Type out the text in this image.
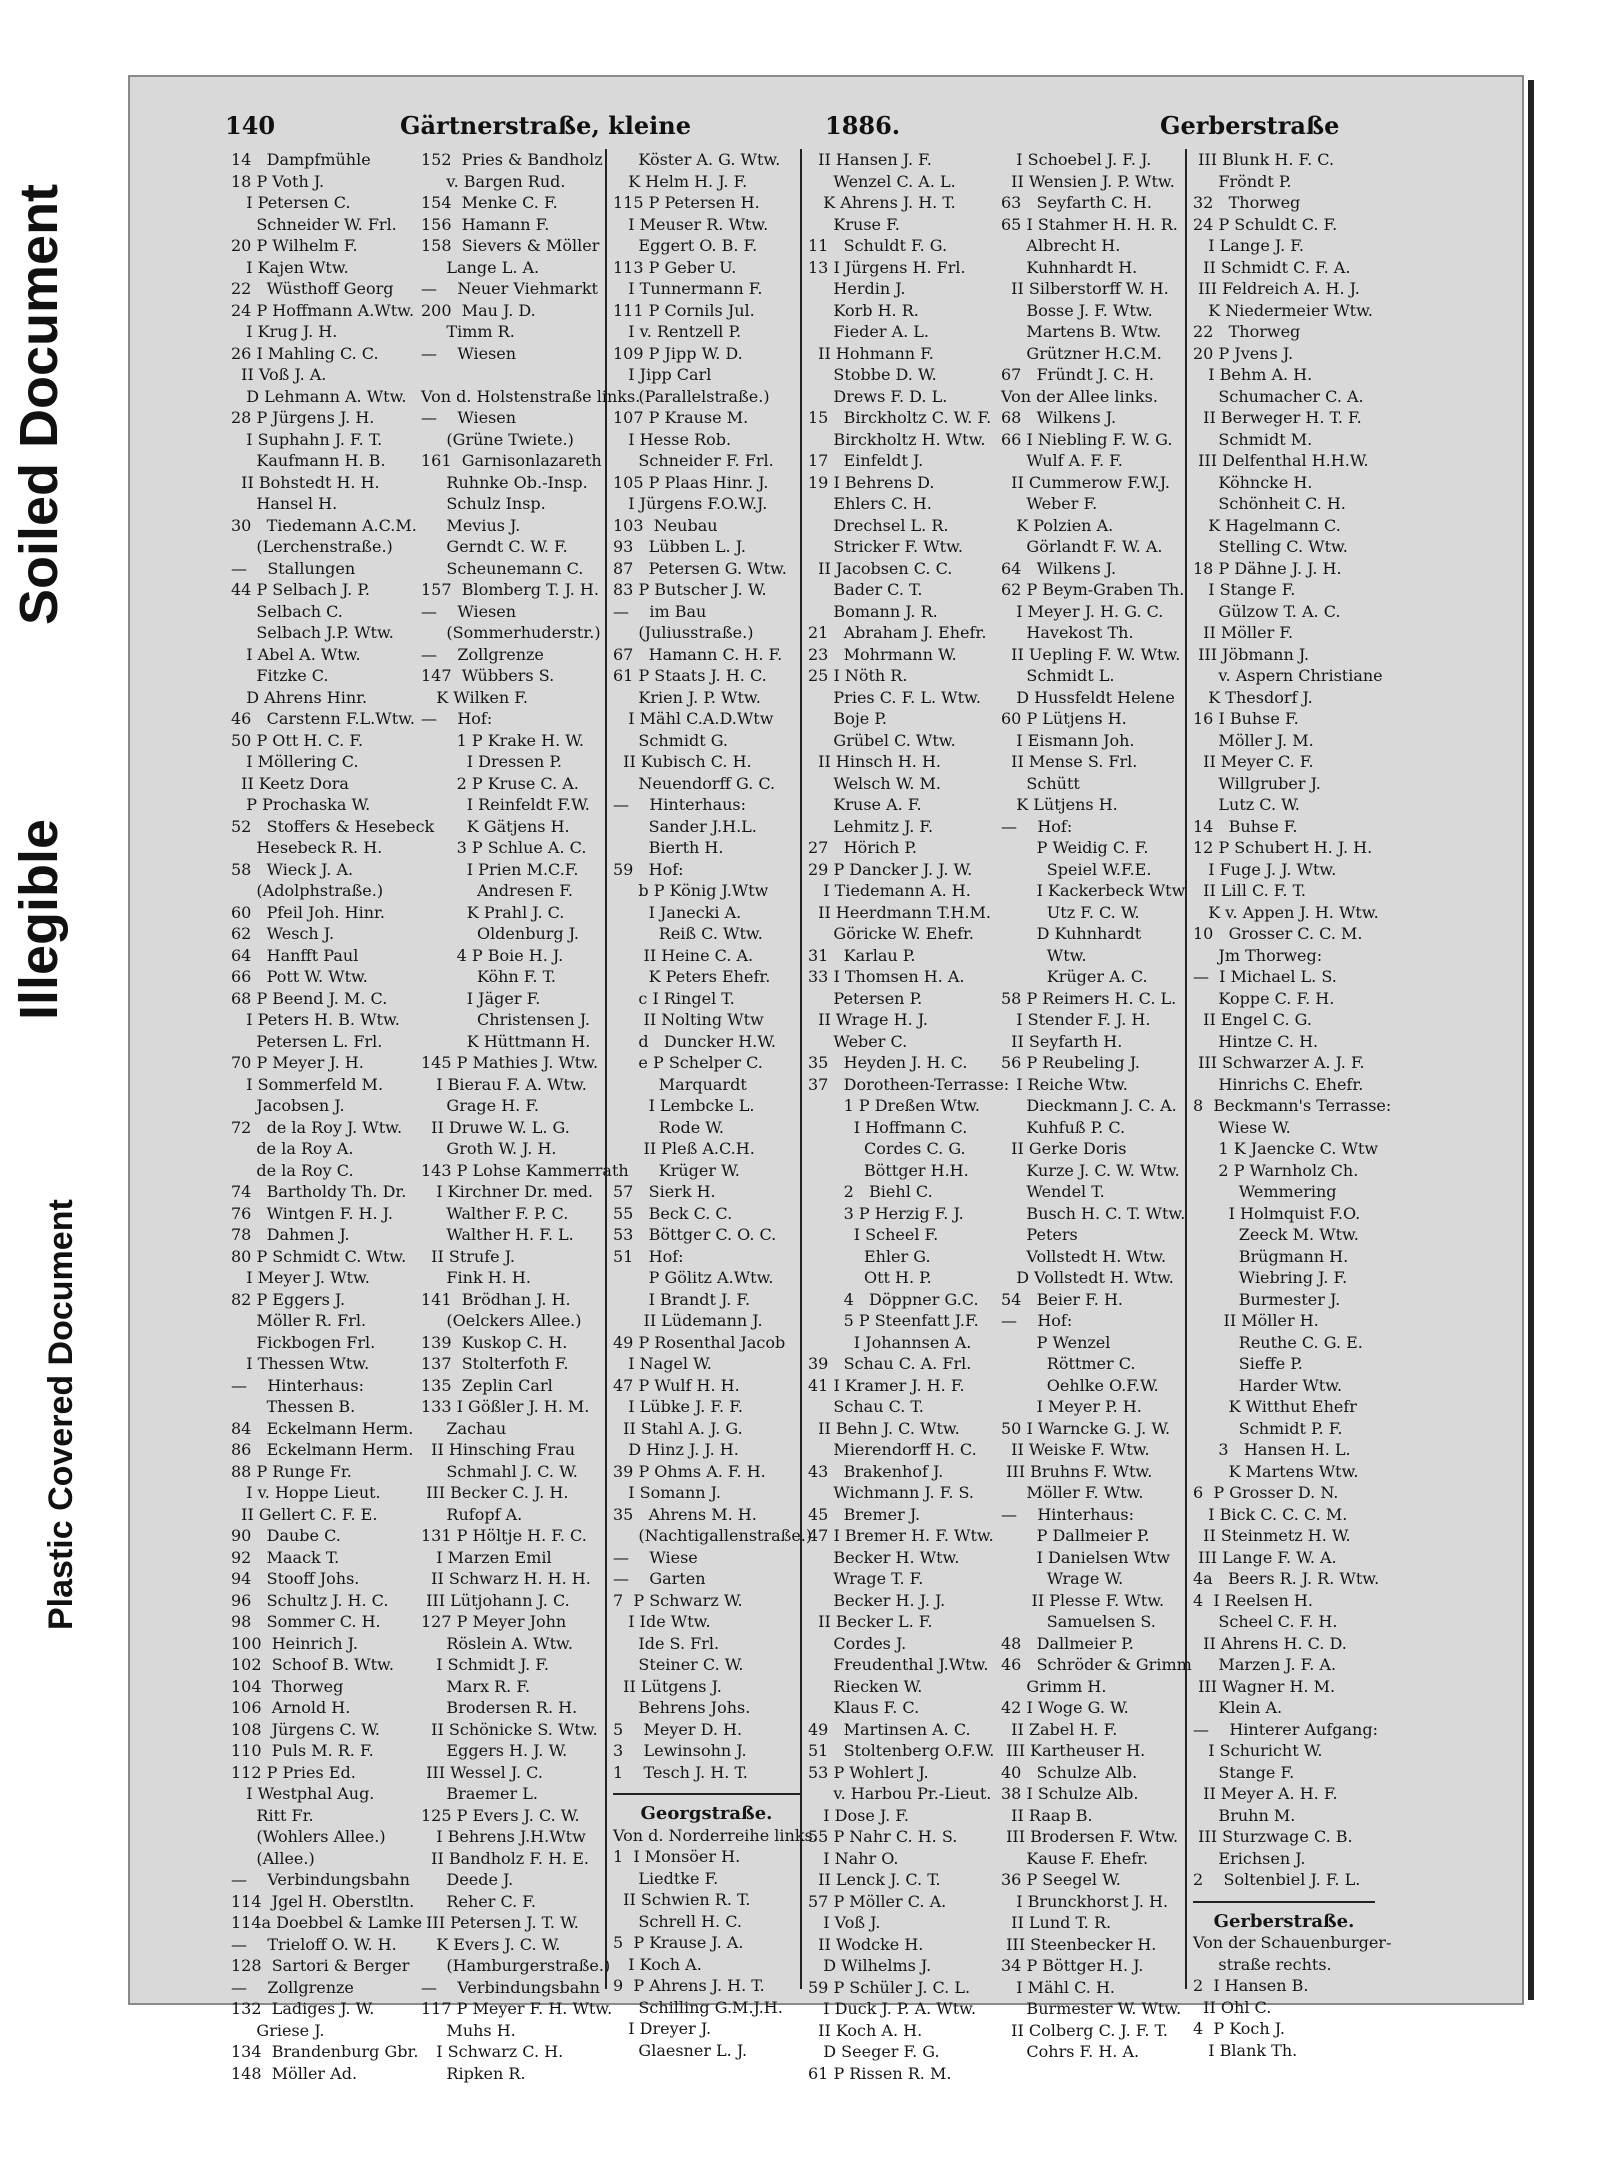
Soiled Document
Illegible
Plastic Covered Document
140	Gärtnerstraße, kleine	1886.	Gerberstraße
14   Dampfmühle
18 P Voth J.
I Petersen C.
Schneider W. Frl.
20 P Wilhelm F.
I Kajen Wtw.
22   Wüsthoff Georg
24 P Hoffmann A.Wtw.
I Krug J. H.
26 I Mahling C. C.
II Voß J. A.
D Lehmann A. Wtw.
28 P Jürgens J. H.
I Suphahn J. F. T.
Kaufmann H. B.
II Bohstedt H. H.
Hansel H.
30   Tiedemann A.C.M.
(Lerchenstraße.)
—    Stallungen
44 P Selbach J. P.
Selbach C.
Selbach J.P. Wtw.
I Abel A. Wtw.
Fitzke C.
D Ahrens Hinr.
46   Carstenn F.L.Wtw.
50 P Ott H. C. F.
I Möllering C.
II Keetz Dora
P Prochaska W.
52   Stoffers & Hesebeck
Hesebeck R. H.
58   Wieck J. A.
(Adolphstraße.)
60   Pfeil Joh. Hinr.
62   Wesch J.
64   Hanfft Paul
66   Pott W. Wtw.
68 P Beend J. M. C.
I Peters H. B. Wtw.
Petersen L. Frl.
70 P Meyer J. H.
I Sommerfeld M.
Jacobsen J.
72   de la Roy J. Wtw.
de la Roy A.
de la Roy C.
74   Bartholdy Th. Dr.
76   Wintgen F. H. J.
78   Dahmen J.
80 P Schmidt C. Wtw.
I Meyer J. Wtw.
82 P Eggers J.
Möller R. Frl.
Fickbogen Frl.
I Thessen Wtw.
—    Hinterhaus:
Thessen B.
84   Eckelmann Herm.
86   Eckelmann Herm.
88 P Runge Fr.
I v. Hoppe Lieut.
II Gellert C. F. E.
90   Daube C.
92   Maack T.
94   Stooff Johs.
96   Schultz J. H. C.
98   Sommer C. H.
100  Heinrich J.
102  Schoof B. Wtw.
104  Thorweg
106  Arnold H.
108  Jürgens C. W.
110  Puls M. R. F.
112 P Pries Ed.
I Westphal Aug.
Ritt Fr.
(Wohlers Allee.)
(Allee.)
—    Verbindungsbahn
114  Jgel H. Oberstltn.
114a Doebbel & Lamke
—    Trieloff O. W. H.
128  Sartori & Berger
—    Zollgrenze
132  Ladiges J. W.
Griese J.
134  Brandenburg Gbr.
148  Möller Ad.
152  Pries & Bandholz
v. Bargen Rud.
154  Menke C. F.
156  Hamann F.
158  Sievers & Möller
Lange L. A.
—    Neuer Viehmarkt
200  Mau J. D.
Timm R.
—    Wiesen
Von d. Holstenstraße links.
—    Wiesen
(Grüne Twiete.)
161  Garnisonlazareth
Ruhnke Ob.-Insp.
Schulz Insp.
Mevius J.
Gerndt C. W. F.
Scheunemann C.
157  Blomberg T. J. H.
—    Wiesen
(Sommerhuderstr.)
—    Zollgrenze
147  Wübbers S.
K Wilken F.
—    Hof:
1 P Krake H. W.
I Dressen P.
2 P Kruse C. A.
I Reinfeldt F.W.
K Gätjens H.
3 P Schlue A. C.
I Prien M.C.F.
Andresen F.
K Prahl J. C.
Oldenburg J.
4 P Boie H. J.
Köhn F. T.
I Jäger F.
Christensen J.
K Hüttmann H.
145 P Mathies J. Wtw.
I Bierau F. A. Wtw.
Grage H. F.
II Druwe W. L. G.
Groth W. J. H.
143 P Lohse Kammerrath
I Kirchner Dr. med.
Walther F. P. C.
Walther H. F. L.
II Strufe J.
Fink H. H.
141  Brödhan J. H.
(Oelckers Allee.)
139  Kuskop C. H.
137  Stolterfoth F.
135  Zeplin Carl
133 I Gößler J. H. M.
Zachau
II Hinsching Frau
Schmahl J. C. W.
III Becker C. J. H.
Rufopf A.
131 P Höltje H. F. C.
I Marzen Emil
II Schwarz H. H. H.
III Lütjohann J. C.
127 P Meyer John
Röslein A. Wtw.
I Schmidt J. F.
Marx R. F.
Brodersen R. H.
II Schönicke S. Wtw.
Eggers H. J. W.
III Wessel J. C.
Braemer L.
125 P Evers J. C. W.
I Behrens J.H.Wtw
II Bandholz F. H. E.
Deede J.
Reher C. F.
III Petersen J. T. W.
K Evers J. C. W.
(Hamburgerstraße.)
—    Verbindungsbahn
117 P Meyer F. H. Wtw.
Muhs H.
I Schwarz C. H.
Ripken R.
Köster A. G. Wtw.
K Helm H. J. F.
115 P Petersen H.
I Meuser R. Wtw.
Eggert O. B. F.
113 P Geber U.
I Tunnermann F.
111 P Cornils Jul.
I v. Rentzell P.
109 P Jipp W. D.
I Jipp Carl
(Parallelstraße.)
107 P Krause M.
I Hesse Rob.
Schneider F. Frl.
105 P Plaas Hinr. J.
I Jürgens F.O.W.J.
103  Neubau
93   Lübben L. J.
87   Petersen G. Wtw.
83 P Butscher J. W.
—    im Bau
(Juliusstraße.)
67   Hamann C. H. F.
61 P Staats J. H. C.
Krien J. P. Wtw.
I Mähl C.A.D.Wtw
Schmidt G.
II Kubisch C. H.
Neuendorff G. C.
—    Hinterhaus:
Sander J.H.L.
Bierth H.
59   Hof:
b P König J.Wtw
I Janecki A.
Reiß C. Wtw.
II Heine C. A.
K Peters Ehefr.
c I Ringel T.
II Nolting Wtw
d   Duncker H.W.
e P Schelper C.
Marquardt
I Lembcke L.
Rode W.
II Pleß A.C.H.
Krüger W.
57   Sierk H.
55   Beck C. C.
53   Böttger C. O. C.
51   Hof:
P Gölitz A.Wtw.
I Brandt J. F.
II Lüdemann J.
49 P Rosenthal Jacob
I Nagel W.
47 P Wulf H. H.
I Lübke J. F. F.
II Stahl A. J. G.
D Hinz J. J. H.
39 P Ohms A. F. H.
I Somann J.
35   Ahrens M. H.
(Nachtigallenstraße.)
—    Wiese
—    Garten
7  P Schwarz W.
I Ide Wtw.
Ide S. Frl.
Steiner C. W.
II Lütgens J.
Behrens Johs.
5    Meyer D. H.
3    Lewinsohn J.
1    Tesch J. H. T.
Georgstraße.
Von d. Norderreihe links.
1  I Monsöer H.
Liedtke F.
II Schwien R. T.
Schrell H. C.
5  P Krause J. A.
I Koch A.
9  P Ahrens J. H. T.
Schilling G.M.J.H.
I Dreyer J.
Glaesner L. J.
II Hansen J. F.
Wenzel C. A. L.
K Ahrens J. H. T.
Kruse F.
11   Schuldt F. G.
13 I Jürgens H. Frl.
Herdin J.
Korb H. R.
Fieder A. L.
II Hohmann F.
Stobbe D. W.
Drews F. D. L.
15   Birckholtz C. W. F.
Birckholtz H. Wtw.
17   Einfeldt J.
19 I Behrens D.
Ehlers C. H.
Drechsel L. R.
Stricker F. Wtw.
II Jacobsen C. C.
Bader C. T.
Bomann J. R.
21   Abraham J. Ehefr.
23   Mohrmann W.
25 I Nöth R.
Pries C. F. L. Wtw.
Boje P.
Grübel C. Wtw.
II Hinsch H. H.
Welsch W. M.
Kruse A. F.
Lehmitz J. F.
27   Hörich P.
29 P Dancker J. J. W.
I Tiedemann A. H.
II Heerdmann T.H.M.
Göricke W. Ehefr.
31   Karlau P.
33 I Thomsen H. A.
Petersen P.
II Wrage H. J.
Weber C.
35   Heyden J. H. C.
37   Dorotheen-Terrasse:
1 P Dreßen Wtw.
I Hoffmann C.
Cordes C. G.
Böttger H.H.
2   Biehl C.
3 P Herzig F. J.
I Scheel F.
Ehler G.
Ott H. P.
4   Döppner G.C.
5 P Steenfatt J.F.
I Johannsen A.
39   Schau C. A. Frl.
41 I Kramer J. H. F.
Schau C. T.
II Behn J. C. Wtw.
Mierendorff H. C.
43   Brakenhof J.
Wichmann J. F. S.
45   Bremer J.
47 I Bremer H. F. Wtw.
Becker H. Wtw.
Wrage T. F.
Becker H. J. J.
II Becker L. F.
Cordes J.
Freudenthal J.Wtw.
Riecken W.
Klaus F. C.
49   Martinsen A. C.
51   Stoltenberg O.F.W.
53 P Wohlert J.
v. Harbou Pr.-Lieut.
I Dose J. F.
55 P Nahr C. H. S.
I Nahr O.
II Lenck J. C. T.
57 P Möller C. A.
I Voß J.
II Wodcke H.
D Wilhelms J.
59 P Schüler J. C. L.
I Duck J. P. A. Wtw.
II Koch A. H.
D Seeger F. G.
61 P Rissen R. M.
I Schoebel J. F. J.
II Wensien J. P. Wtw.
63   Seyfarth C. H.
65 I Stahmer H. H. R.
Albrecht H.
Kuhnhardt H.
II Silberstorff W. H.
Bosse J. F. Wtw.
Martens B. Wtw.
Grützner H.C.M.
67   Fründt J. C. H.
Von der Allee links.
68   Wilkens J.
66 I Niebling F. W. G.
Wulf A. F. F.
II Cummerow F.W.J.
Weber F.
K Polzien A.
Görlandt F. W. A.
64   Wilkens J.
62 P Beym-Graben Th.
I Meyer J. H. G. C.
Havekost Th.
II Uepling F. W. Wtw.
Schmidt L.
D Hussfeldt Helene
60 P Lütjens H.
I Eismann Joh.
II Mense S. Frl.
Schütt
K Lütjens H.
—    Hof:
P Weidig C. F.
Speiel W.F.E.
I Kackerbeck Wtw
Utz F. C. W.
D Kuhnhardt
Wtw.
Krüger A. C.
58 P Reimers H. C. L.
I Stender F. J. H.
II Seyfarth H.
56 P Reubeling J.
I Reiche Wtw.
Dieckmann J. C. A.
Kuhfuß P. C.
II Gerke Doris
Kurze J. C. W. Wtw.
Wendel T.
Busch H. C. T. Wtw.
Peters
Vollstedt H. Wtw.
D Vollstedt H. Wtw.
54   Beier F. H.
—    Hof:
P Wenzel
Röttmer C.
Oehlke O.F.W.
I Meyer P. H.
50 I Warncke G. J. W.
II Weiske F. Wtw.
III Bruhns F. Wtw.
Möller F. Wtw.
—    Hinterhaus:
P Dallmeier P.
I Danielsen Wtw
Wrage W.
II Plesse F. Wtw.
Samuelsen S.
48   Dallmeier P.
46   Schröder & Grimm
Grimm H.
42 I Woge G. W.
II Zabel H. F.
III Kartheuser H.
40   Schulze Alb.
38 I Schulze Alb.
II Raap B.
III Brodersen F. Wtw.
Kause F. Ehefr.
36 P Seegel W.
I Brunckhorst J. H.
II Lund T. R.
III Steenbecker H.
34 P Böttger H. J.
I Mähl C. H.
Burmester W. Wtw.
II Colberg C. J. F. T.
Cohrs F. H. A.
III Blunk H. F. C.
Fröndt P.
32   Thorweg
24 P Schuldt C. F.
I Lange J. F.
II Schmidt C. F. A.
III Feldreich A. H. J.
K Niedermeier Wtw.
22   Thorweg
20 P Jvens J.
I Behm A. H.
Schumacher C. A.
II Berweger H. T. F.
Schmidt M.
III Delfenthal H.H.W.
Köhncke H.
Schönheit C. H.
K Hagelmann C.
Stelling C. Wtw.
18 P Dähne J. J. H.
I Stange F.
Gülzow T. A. C.
II Möller F.
III Jöbmann J.
v. Aspern Christiane
K Thesdorf J.
16 I Buhse F.
Möller J. M.
II Meyer C. F.
Willgruber J.
Lutz C. W.
14   Buhse F.
12 P Schubert H. J. H.
I Fuge J. J. Wtw.
II Lill C. F. T.
K v. Appen J. H. Wtw.
10   Grosser C. C. M.
Jm Thorweg:
—  I Michael L. S.
Koppe C. F. H.
II Engel C. G.
Hintze C. H.
III Schwarzer A. J. F.
Hinrichs C. Ehefr.
8  Beckmann's Terrasse:
Wiese W.
1 K Jaencke C. Wtw
2 P Warnholz Ch.
Wemmering
I Holmquist F.O.
Zeeck M. Wtw.
Brügmann H.
Wiebring J. F.
Burmester J.
II Möller H.
Reuthe C. G. E.
Sieffe P.
Harder Wtw.
K Witthut Ehefr
Schmidt P. F.
3   Hansen H. L.
K Martens Wtw.
6  P Grosser D. N.
I Bick C. C. C. M.
II Steinmetz H. W.
III Lange F. W. A.
4a   Beers R. J. R. Wtw.
4  I Reelsen H.
Scheel C. F. H.
II Ahrens H. C. D.
Marzen J. F. A.
III Wagner H. M.
Klein A.
—    Hinterer Aufgang:
I Schuricht W.
Stange F.
II Meyer A. H. F.
Bruhn M.
III Sturzwage C. B.
Erichsen J.
2    Soltenbiel J. F. L.
Gerberstraße.
Von der Schauenburger-
straße rechts.
2  I Hansen B.
II Ohl C.
4  P Koch J.
I Blank Th.
